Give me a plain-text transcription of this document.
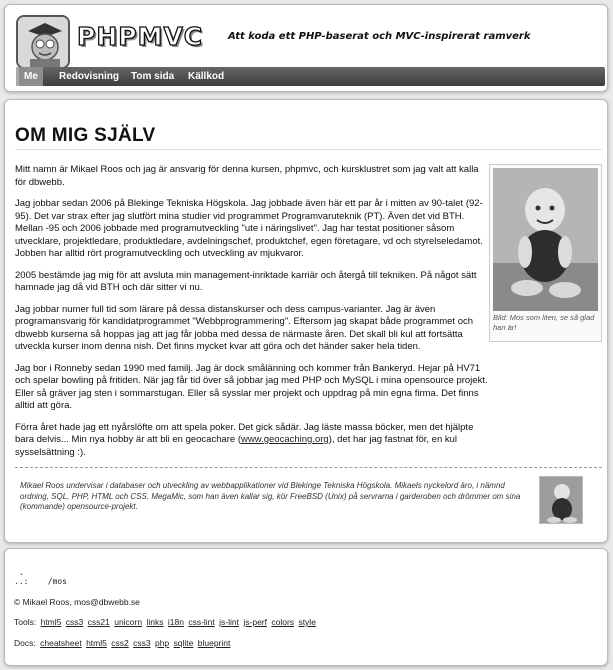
PHPMVC Att koda ett PHP-baserat och MVC-inspirerat ramverk
Me	Redovisning Tom sida Källkod
OM MIG SJÄLV

Mitt namn är Mikael Roos och jag är ansvarig för denna kursen, phpmvc, och kursklustret som jag valt att kalla för dbwebb.

Jag jobbar sedan 2006 på Blekinge Tekniska Högskola. Jag jobbade även här ett par år i mitten av 90-talet (92-95). Det var strax efter jag slutfört mina studier vid programmet Programvaruteknik (PT). Även det vid BTH. Mellan -95 och 2006 jobbade med programutveckling "ute i näringslivet". Jag har testat positioner såsom utvecklare, projektledare, produktledare, avdelningschef, produktchef, egen företagare, vd och styrelseledamot. Jobben har alltid rört programutveckling och utveckling av mjukvaror.

2005 bestämde jag mig för att avsluta min management-inriktade karriär och återgå till tekniken. På något sätt hamnade jag då vid BTH och där sitter vi nu.

Jag jobbar numer full tid som lärare på dessa distanskurser och dess campus-varianter. Jag är även programansvarig för kandidatprogrammet "Webbprogrammering". Eftersom jag skapat både programmet och dbwebb kurserna så hoppas jag att jag får jobba med dessa de närmaste åren. Det skall bli kul att fortsätta utveckla kurser inom denna nish. Det finns mycket kvar att göra och det händer saker hela tiden.

Jag bor i Ronneby sedan 1990 med familj. Jag är dock smålänning och kommer från Bankeryd. Hejar på HV71 och spelar bowling på fritiden. När jag får tid över så jobbar jag med PHP och MySQL i mina opensource projekt. Eller så gräver jag sten i sommarstugan. Eller så sysslar mer projekt och uppdrag på min egna firma. Det finns alltid att göra.

Förra året hade jag ett nyårslöfte om att spela poker. Det gick sådär. Jag läste massa böcker, men det hjälpte bara delvis... Min nya hobby är att bli en geocachare (www.geocaching.org), det har jag fastnat för, en kul sysselsättning :).

Bild: Mos som liten, se så glad han är!
Mikael Roos undervisar i databaser och utveckling av webbapplikationer vid Blekinge Tekniska Högskola. Mikaels nyckelord äro, i nämnd ordning, SQL, PHP, HTML och CSS. MegaMic, som han även kallar sig, kör FreeBSD (Unix) på servrarna i garderoben och drömmer om sina (kommande) opensource-projekt.
.
..:    /mos
© Mikael Roos, mos@dbwebb.se
Tools: html5 css3 css21 unicorn links i18n css-lint js-lint js-perf colors style
Docs: cheatsheet html5 css2 css3 php sqlite blueprint
